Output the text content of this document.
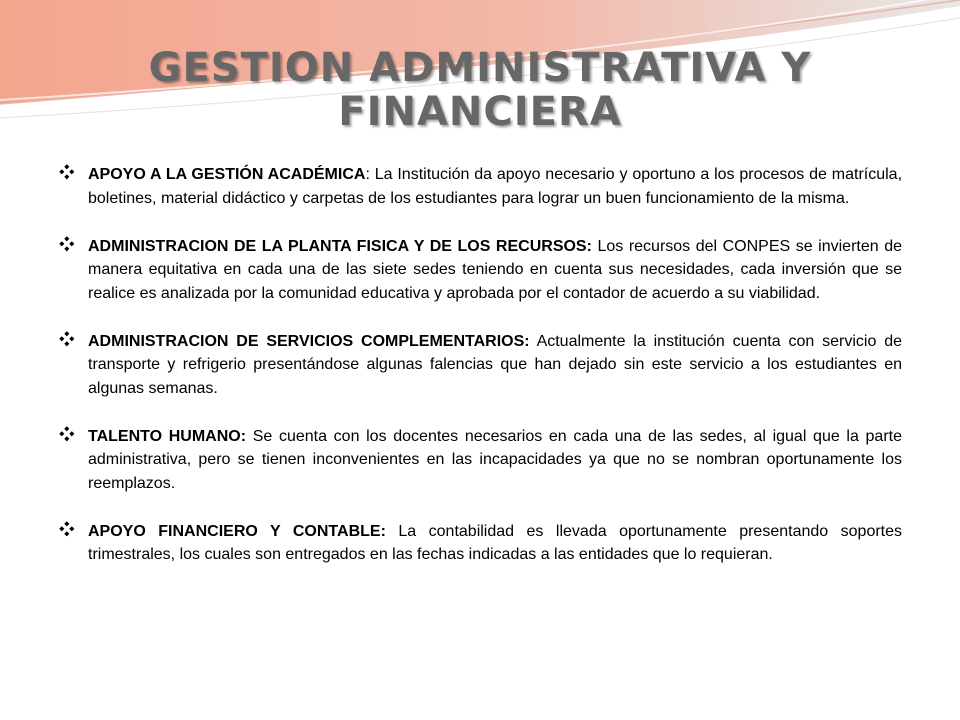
GESTION ADMINISTRATIVA Y
FINANCIERA
APOYO A LA GESTIÓN ACADÉMICA: La Institución da apoyo necesario y oportuno a los procesos de matrícula, boletines, material didáctico y carpetas de los estudiantes para lograr un buen funcionamiento de la misma.
ADMINISTRACION DE LA PLANTA FISICA Y DE LOS RECURSOS: Los recursos del CONPES se invierten de manera equitativa en cada una de las siete sedes teniendo en cuenta sus necesidades, cada inversión que se realice es analizada por la comunidad educativa y aprobada por el contador de acuerdo a su viabilidad.
ADMINISTRACION DE SERVICIOS COMPLEMENTARIOS: Actualmente la institución cuenta con servicio de transporte y refrigerio presentándose algunas falencias que han dejado sin este servicio a los estudiantes en algunas semanas.
TALENTO HUMANO: Se cuenta con los docentes necesarios en cada una de las sedes, al igual que la parte administrativa, pero se tienen inconvenientes en las incapacidades ya que no se nombran oportunamente los reemplazos.
APOYO FINANCIERO Y CONTABLE: La contabilidad es llevada oportunamente presentando soportes trimestrales, los cuales son entregados en las fechas indicadas a las entidades que lo requieran.
